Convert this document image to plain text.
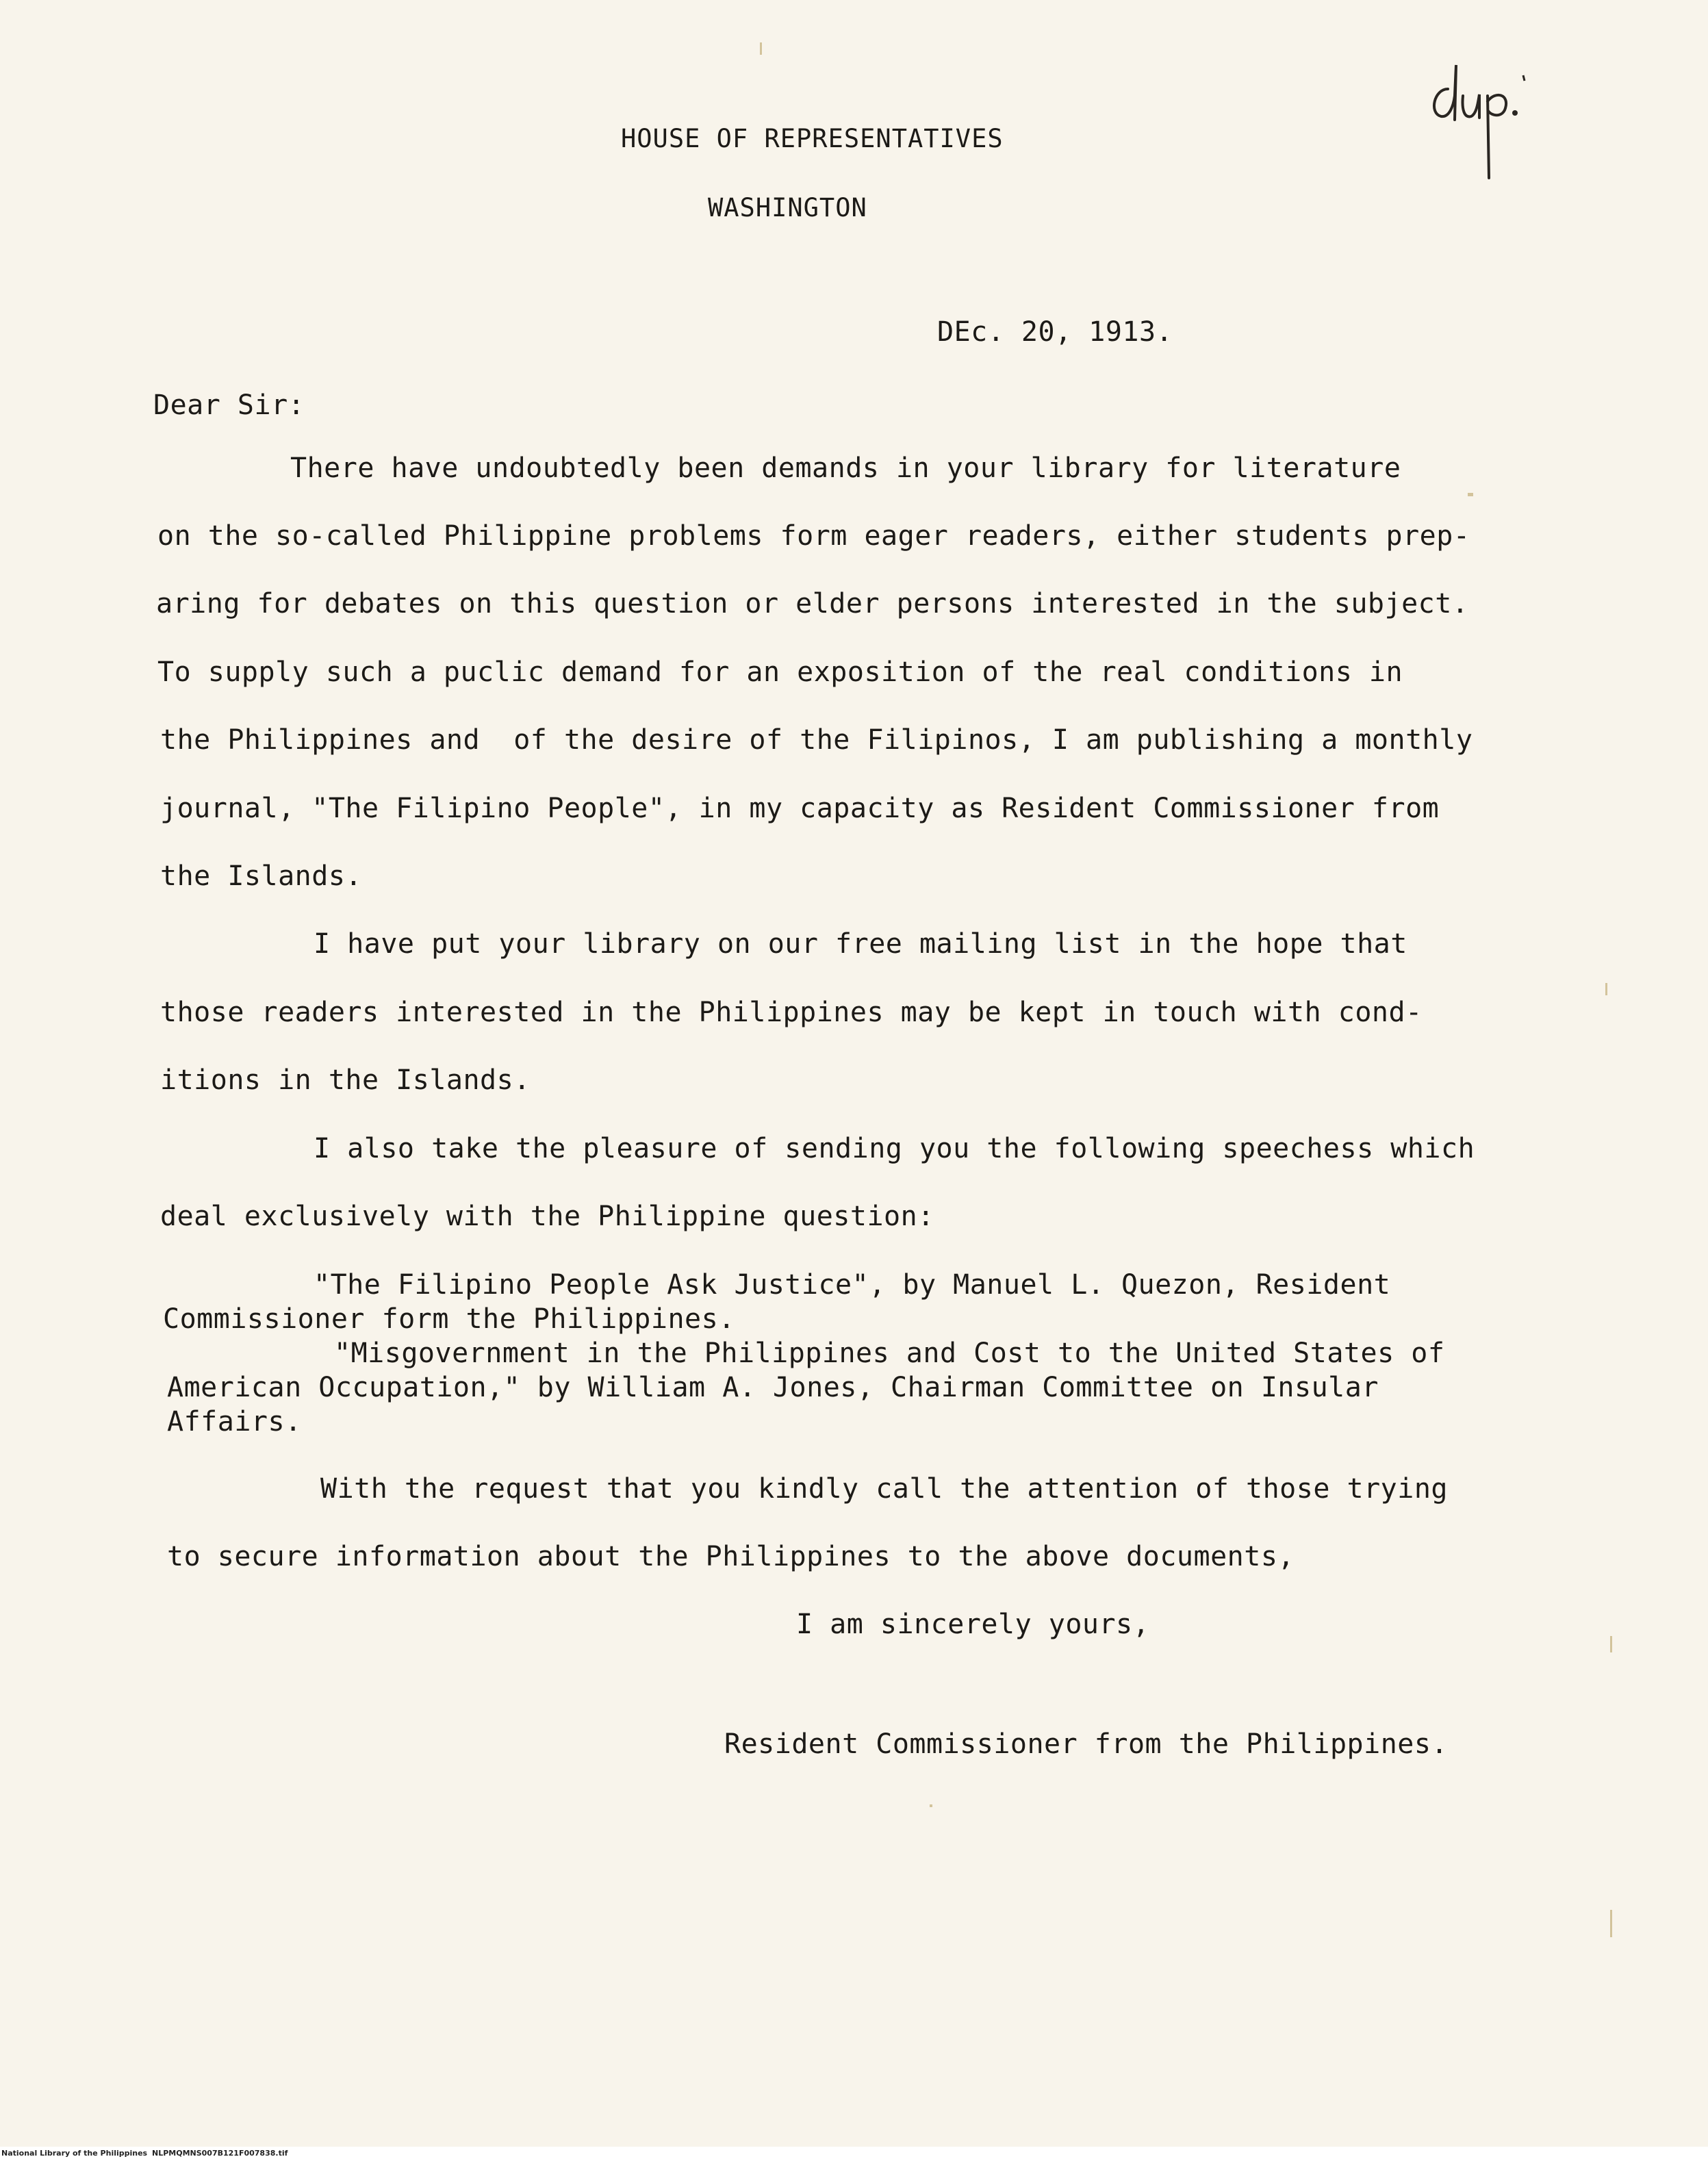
HOUSE OF REPRESENTATIVES
WASHINGTON
DEc. 20, 1913.
Dear Sir:
There have undoubtedly been demands in your library for literature
on the so-called Philippine problems form eager readers, either students prep-
aring for debates on this question or elder persons interested in the subject.
To supply such a puclic demand for an exposition of the real conditions in
the Philippines and  of the desire of the Filipinos, I am publishing a monthly
journal, "The Filipino People", in my capacity as Resident Commissioner from
the Islands.
I have put your library on our free mailing list in the hope that
those readers interested in the Philippines may be kept in touch with cond-
itions in the Islands.
I also take the pleasure of sending you the following speechess which
deal exclusively with the Philippine question:
"The Filipino People Ask Justice", by Manuel L. Quezon, Resident
Commissioner form the Philippines.
"Misgovernment in the Philippines and Cost to the United States of
American Occupation," by William A. Jones, Chairman Committee on Insular
Affairs.
With the request that you kindly call the attention of those trying
to secure information about the Philippines to the above documents,
I am sincerely yours,
Resident Commissioner from the Philippines.
National Library of the Philippines NLPMQMNS007B121F007838.tif
